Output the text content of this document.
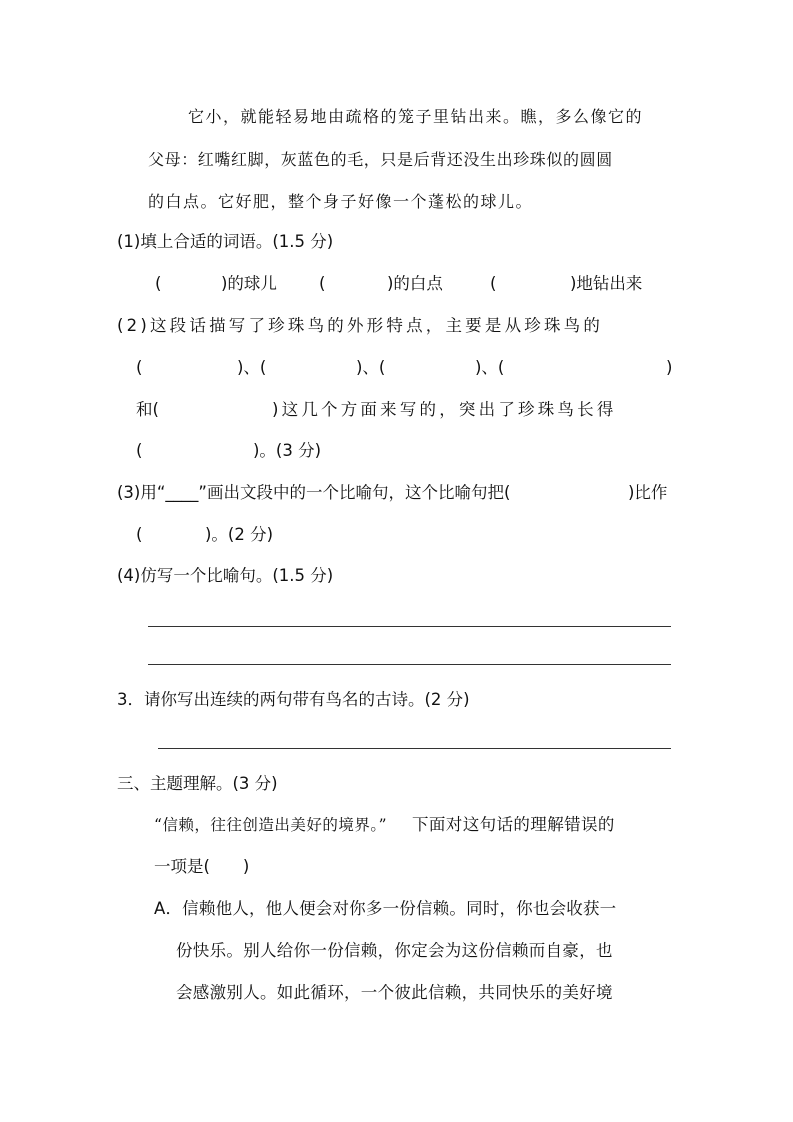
它小，就能轻易地由疏格的笼子里钻出来。瞧，多么像它的
父母：红嘴红脚，灰蓝色的毛，只是后背还没生出珍珠似的圆圆
的白点。它好肥，整个身子好像一个蓬松的球儿。
(1)填上合适的词语。(1.5 分)
(	)的球儿	(	)的白点	(	)地钻出来
(2)这段话描写了珍珠鸟的外形特点，主要是从珍珠鸟的
(	)、(	)、(	)、(	)
和(	)这几个方面来写的，突出了珍珠鸟长得
(	)。(3 分)
(3)用“____”画出文段中的一个比喻句，这个比喻句把(	)比作
(	)。(2 分)
(4)仿写一个比喻句。(1.5 分)
3．请你写出连续的两句带有鸟名的古诗。(2 分)
三、主题理解。(3 分)
“信赖，往往创造出美好的境界。” 下面对这句话的理解错误的
一项是(　　)
A．信赖他人，他人便会对你多一份信赖。同时，你也会收获一
份快乐。别人给你一份信赖，你定会为这份信赖而自豪，也
会感激别人。如此循环，一个彼此信赖，共同快乐的美好境
